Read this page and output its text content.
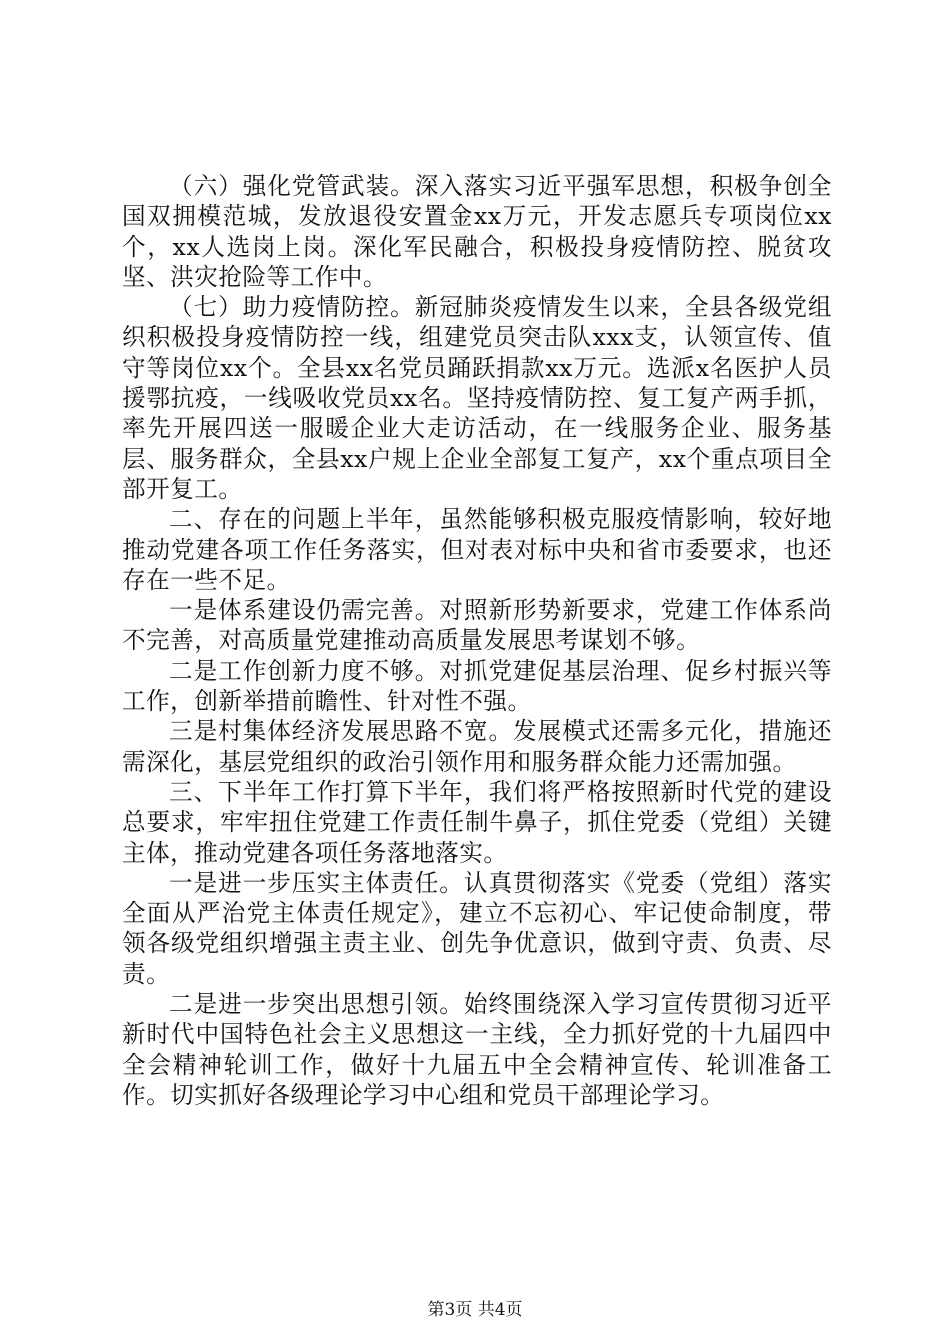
（六）强化党管武装。深入落实习近平强军思想，积极争创全国双拥模范城，发放退役安置金xx万元，开发志愿兵专项岗位xx个，xx人选岗上岗。深化军民融合，积极投身疫情防控、脱贫攻坚、洪灾抢险等工作中。

（七）助力疫情防控。新冠肺炎疫情发生以来，全县各级党组织积极投身疫情防控一线，组建党员突击队xxx支，认领宣传、值守等岗位xx个。全县xx名党员踊跃捐款xx万元。选派x名医护人员援鄂抗疫，一线吸收党员xx名。坚持疫情防控、复工复产两手抓，率先开展四送一服暖企业大走访活动，在一线服务企业、服务基层、服务群众，全县xx户规上企业全部复工复产，xx个重点项目全部开复工。

二、存在的问题上半年，虽然能够积极克服疫情影响，较好地推动党建各项工作任务落实，但对表对标中央和省市委要求，也还存在一些不足。

一是体系建设仍需完善。对照新形势新要求，党建工作体系尚不完善，对高质量党建推动高质量发展思考谋划不够。

二是工作创新力度不够。对抓党建促基层治理、促乡村振兴等工作，创新举措前瞻性、针对性不强。

三是村集体经济发展思路不宽。发展模式还需多元化，措施还需深化，基层党组织的政治引领作用和服务群众能力还需加强。

三、下半年工作打算下半年，我们将严格按照新时代党的建设总要求，牢牢扭住党建工作责任制牛鼻子，抓住党委（党组）关键主体，推动党建各项任务落地落实。

一是进一步压实主体责任。认真贯彻落实《党委（党组）落实全面从严治党主体责任规定》，建立不忘初心、牢记使命制度，带领各级党组织增强主责主业、创先争优意识，做到守责、负责、尽责。

二是进一步突出思想引领。始终围绕深入学习宣传贯彻习近平新时代中国特色社会主义思想这一主线，全力抓好党的十九届四中全会精神轮训工作，做好十九届五中全会精神宣传、轮训准备工作。切实抓好各级理论学习中心组和党员干部理论学习。

第3页 共4页
